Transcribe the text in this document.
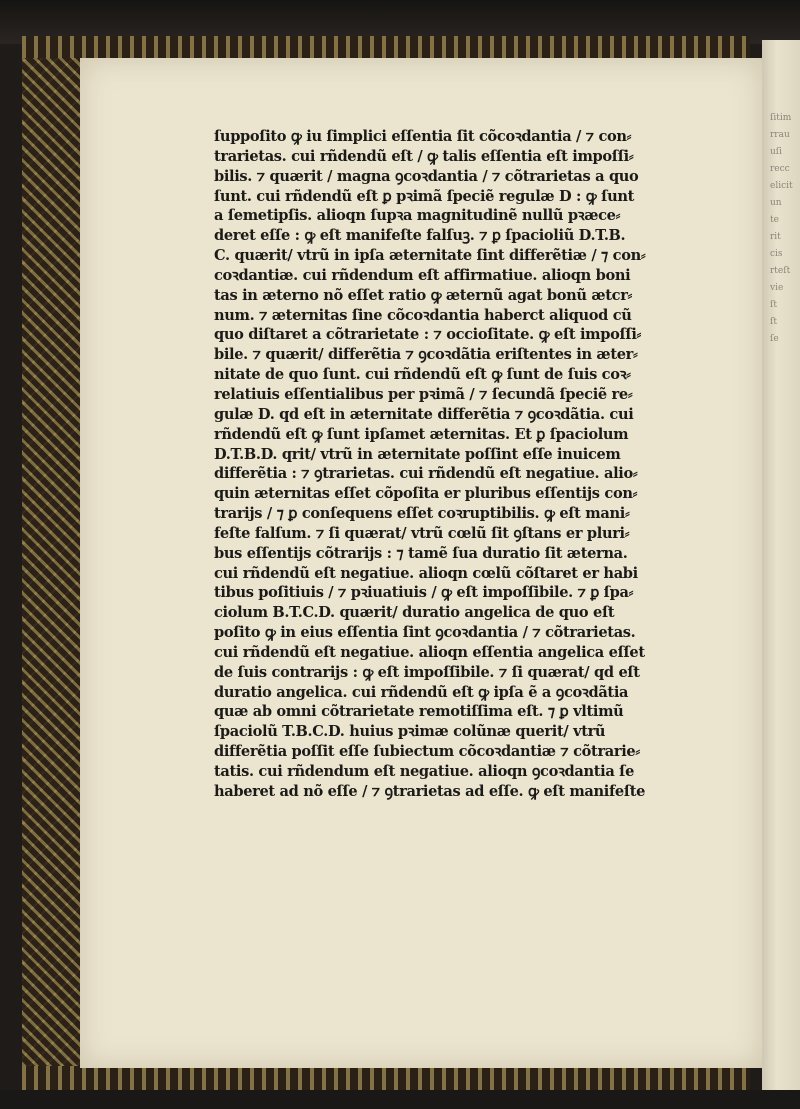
ſitim
rrau
uſi
recc
elicit
un
te
rit
cis
rteſt
vie
ſt
ſt
ſe
ſuppoſito ꝙ iu ſimplici eſſentia ſit cõcoꝛdantia / ⁊ con⸗
trarietas. cui rñdendũ eſt / ꝙ talis eſſentia eſt impoſſi⸗
bilis. ⁊ quærit / magna ꝯcoꝛdantia / ⁊ cõtrarietas a quo
ſunt. cui rñdendũ eſt ꝑ pꝛimã ſpeciẽ regulæ D : ꝙ ſunt
a ſemetipſis. alioqn ſupꝛa magnitudinẽ nullũ pꝛæce⸗
deret eſſe : ꝙ eſt manifeſte falſuꝫ. ⁊ ꝑ ſpacioliũ D.T.B.
C. quærit/ vtrũ in ipſa æternitate ſint differẽtiæ / ⁊ con⸗
coꝛdantiæ. cui rñdendum eſt affirmatiue. alioqn boni
tas in æterno nõ eſſet ratio ꝙ æternũ agat bonũ ætcr⸗
num. ⁊ æternitas ſine cõcoꝛdantia haberct aliquod cũ
quo diſtaret a cõtrarietate : ⁊ occioſitate. ꝙ eſt impoſſi⸗
bile. ⁊ quærit/ differẽtia ⁊ ꝯcoꝛdãtia eriſtentes in æter⸗
nitate de quo ſunt. cui rñdendũ eſt ꝙ ſunt de ſuis coꝛ⸗
relatiuis eſſentialibus per pꝛimã / ⁊ ſecundã ſpeciẽ re⸗
gulæ D. qd eſt in æternitate differẽtia ⁊ ꝯcoꝛdãtia. cui
rñdendũ eſt ꝙ ſunt ipſamet æternitas. Et ꝑ ſpaciolum
D.T.B.D. qrit/ vtrũ in æternitate poſſint eſſe inuicem
differẽtia : ⁊ ꝯtrarietas. cui rñdendũ eſt negatiue. alio⸗
quin æternitas eſſet cõpoſita er pluribus eſſentijs con⸗
trarijs / ⁊ ꝑ conſequens eſſet coꝛruptibilis. ꝙ eſt mani⸗
feſte falſum. ⁊ ſi quærat/ vtrũ cœlũ ſit ꝯſtans er pluri⸗
bus eſſentijs cõtrarijs : ⁊ tamẽ ſua duratio ſit æterna.
cui rñdendũ eſt negatiue. alioqn cœlũ cõſtaret er habi
tibus poſitiuis / ⁊ pꝛiuatiuis / ꝙ eſt impoſſibile. ⁊ ꝑ ſpa⸗
ciolum B.T.C.D. quærit/ duratio angelica de quo eſt
poſito ꝙ in eius eſſentia ſint ꝯcoꝛdantia / ⁊ cõtrarietas.
cui rñdendũ eſt negatiue. alioqn eſſentia angelica eſſet
de ſuis contrarijs : ꝙ eſt impoſſibile. ⁊ ſi quærat/ qd eſt
duratio angelica. cui rñdendũ eſt ꝙ ipſa ẽ a ꝯcoꝛdãtia
quæ ab omni cõtrarietate remotiſſima eſt. ⁊ ꝑ vltimũ
ſpaciolũ T.B.C.D. huius pꝛimæ colũnæ querit/ vtrũ
differẽtia poſſit eſſe ſubiectum cõcoꝛdantiæ ⁊ cõtrarie⸗
tatis. cui rñdendum eſt negatiue. alioqn ꝯcoꝛdantia ſe
haberet ad nõ eſſe / ⁊ ꝯtrarietas ad eſſe. ꝙ eſt manifeſte
